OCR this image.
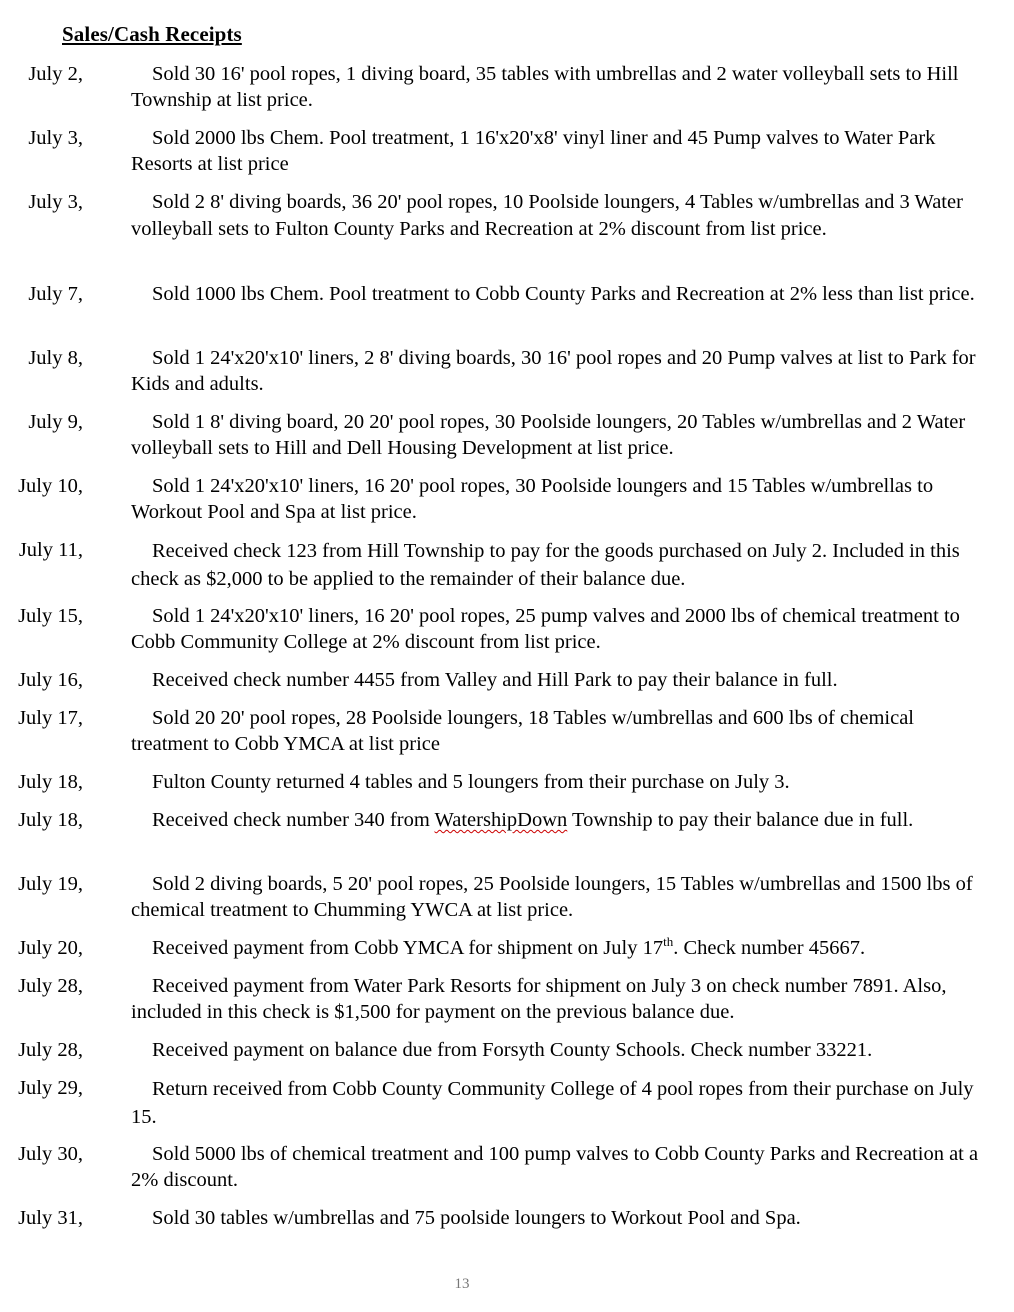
Sales/Cash Receipts
July 2,	Sold 30 16' pool ropes, 1 diving board, 35 tables with umbrellas and 2 water volleyball sets to Hill Township at list price.
July 3,	Sold 2000 lbs Chem. Pool treatment, 1 16'x20'x8' vinyl liner and 45 Pump valves to Water Park Resorts at list price
July 3,	Sold 2 8' diving boards, 36 20' pool ropes, 10 Poolside loungers, 4 Tables w/umbrellas and 3 Water volleyball sets to Fulton County Parks and Recreation at 2% discount from list price.
July 7,	Sold 1000 lbs Chem. Pool treatment to Cobb County Parks and Recreation at 2% less than list price.
July 8,	Sold 1 24'x20'x10' liners, 2 8' diving boards, 30 16' pool ropes and 20 Pump valves at list to Park for Kids and adults.
July 9,	Sold 1 8' diving board, 20 20' pool ropes, 30 Poolside loungers, 20 Tables w/umbrellas and 2 Water volleyball sets to Hill and Dell Housing Development at list price.
July 10,	Sold 1 24'x20'x10' liners, 16 20' pool ropes, 30 Poolside loungers and 15 Tables w/umbrellas to Workout Pool and Spa at list price.
July 11,	Received check 123 from Hill Township to pay for the goods purchased on July 2. Included in this check as $2,000 to be applied to the remainder of their balance due.
July 15,	Sold 1 24'x20'x10' liners, 16 20' pool ropes, 25 pump valves and 2000 lbs of chemical treatment to Cobb Community College at 2% discount from list price.
July 16,	Received check number 4455 from Valley and Hill Park to pay their balance in full.
July 17,	Sold 20 20' pool ropes, 28 Poolside loungers, 18 Tables w/umbrellas and 600 lbs of chemical treatment to Cobb YMCA at list price
July 18,	Fulton County returned 4 tables and 5 loungers from their purchase on July 3.
July 18,	Received check number 340 from WatershipDown Township to pay their balance due in full.
July 19,	Sold 2 diving boards, 5 20' pool ropes, 25 Poolside loungers, 15 Tables w/umbrellas and 1500 lbs of chemical treatment to Chumming YWCA at list price.
July 20,	Received payment from Cobb YMCA for shipment on July 17th. Check number 45667.
July 28,	Received payment from Water Park Resorts for shipment on July 3 on check number 7891. Also, included in this check is $1,500 for payment on the previous balance due.
July 28,	Received payment on balance due from Forsyth County Schools. Check number 33221.
July 29,	Return received from Cobb County Community College of 4 pool ropes from their purchase on July 15.
July 30,	Sold 5000 lbs of chemical treatment and 100 pump valves to Cobb County Parks and Recreation at a 2% discount.
July 31,	Sold 30 tables w/umbrellas and 75 poolside loungers to Workout Pool and Spa.
13
